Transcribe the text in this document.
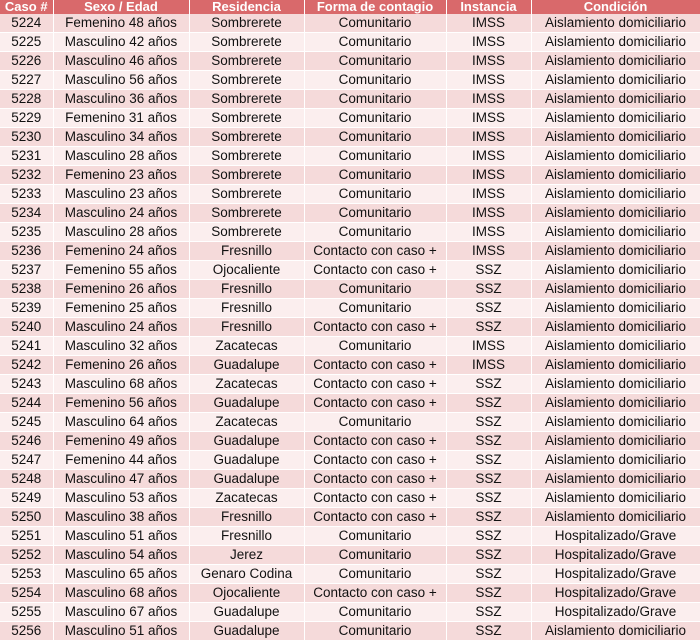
Caso #	Sexo / Edad	Residencia	Forma de contagio	Instancia	Condición
5224	Femenino 48 años	Sombrerete	Comunitario	IMSS	Aislamiento domiciliario
5225	Masculino 42 años	Sombrerete	Comunitario	IMSS	Aislamiento domiciliario
5226	Masculino 46 años	Sombrerete	Comunitario	IMSS	Aislamiento domiciliario
5227	Masculino 56 años	Sombrerete	Comunitario	IMSS	Aislamiento domiciliario
5228	Masculino 36 años	Sombrerete	Comunitario	IMSS	Aislamiento domiciliario
5229	Femenino 31 años	Sombrerete	Comunitario	IMSS	Aislamiento domiciliario
5230	Masculino 34 años	Sombrerete	Comunitario	IMSS	Aislamiento domiciliario
5231	Masculino 28 años	Sombrerete	Comunitario	IMSS	Aislamiento domiciliario
5232	Femenino 23 años	Sombrerete	Comunitario	IMSS	Aislamiento domiciliario
5233	Masculino 23 años	Sombrerete	Comunitario	IMSS	Aislamiento domiciliario
5234	Masculino 24 años	Sombrerete	Comunitario	IMSS	Aislamiento domiciliario
5235	Masculino 28 años	Sombrerete	Comunitario	IMSS	Aislamiento domiciliario
5236	Femenino 24 años	Fresnillo	Contacto con caso +	IMSS	Aislamiento domiciliario
5237	Femenino 55 años	Ojocaliente	Contacto con caso +	SSZ	Aislamiento domiciliario
5238	Femenino 26 años	Fresnillo	Comunitario	SSZ	Aislamiento domiciliario
5239	Femenino 25 años	Fresnillo	Comunitario	SSZ	Aislamiento domiciliario
5240	Masculino 24 años	Fresnillo	Contacto con caso +	SSZ	Aislamiento domiciliario
5241	Masculino 32 años	Zacatecas	Comunitario	IMSS	Aislamiento domiciliario
5242	Femenino 26 años	Guadalupe	Contacto con caso +	IMSS	Aislamiento domiciliario
5243	Masculino 68 años	Zacatecas	Contacto con caso +	SSZ	Aislamiento domiciliario
5244	Femenino 56 años	Guadalupe	Contacto con caso +	SSZ	Aislamiento domiciliario
5245	Masculino 64 años	Zacatecas	Comunitario	SSZ	Aislamiento domiciliario
5246	Femenino 49 años	Guadalupe	Contacto con caso +	SSZ	Aislamiento domiciliario
5247	Femenino 44 años	Guadalupe	Contacto con caso +	SSZ	Aislamiento domiciliario
5248	Masculino 47 años	Guadalupe	Contacto con caso +	SSZ	Aislamiento domiciliario
5249	Masculino 53 años	Zacatecas	Contacto con caso +	SSZ	Aislamiento domiciliario
5250	Masculino 38 años	Fresnillo	Contacto con caso +	SSZ	Aislamiento domiciliario
5251	Masculino 51 años	Fresnillo	Comunitario	SSZ	Hospitalizado/Grave
5252	Masculino 54 años	Jerez	Comunitario	SSZ	Hospitalizado/Grave
5253	Masculino 65 años	Genaro Codina	Comunitario	SSZ	Hospitalizado/Grave
5254	Masculino 68 años	Ojocaliente	Contacto con caso +	SSZ	Hospitalizado/Grave
5255	Masculino 67 años	Guadalupe	Comunitario	SSZ	Hospitalizado/Grave
5256	Masculino 51 años	Guadalupe	Comunitario	SSZ	Aislamiento domiciliario
